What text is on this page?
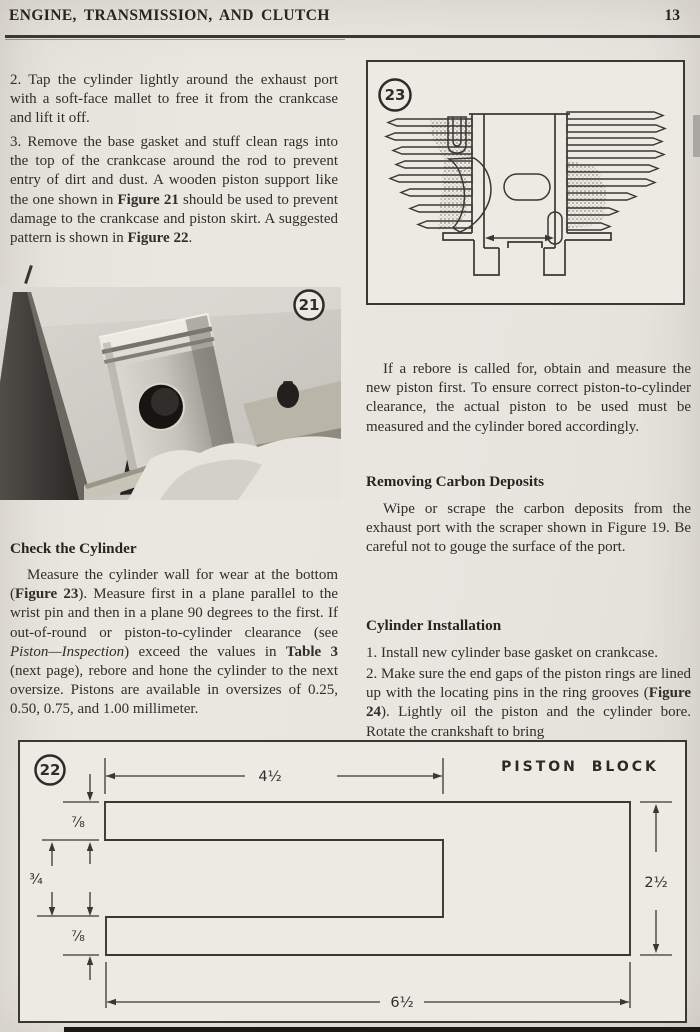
ENGINE, TRANSMISSION, AND CLUTCH	13

2. Tap the cylinder lightly around the exhaust port with a soft-face mallet to free it from the crankcase and lift it off.

3. Remove the base gasket and stuff clean rags into the top of the crankcase around the rod to prevent entry of dirt and dust. A wooden piston support like the one shown in Figure 21 should be used to prevent damage to the crankcase and piston skirt. A suggested pattern is shown in Figure 22.

21
Check the Cylinder

Measure the cylinder wall for wear at the bottom (Figure 23). Measure first in a plane parallel to the wrist pin and then in a plane 90 degrees to the first. If out-of-round or piston-to-cylinder clearance (see Piston—Inspection) exceed the values in Table 3 (next page), rebore and hone the cylinder to the next oversize. Pistons are available in oversizes of 0.25, 0.50, 0.75, and 1.00 millimeter.

23

If a rebore is called for, obtain and measure the new piston first. To ensure correct piston-to-cylinder clearance, the actual piston to be used must be measured and the cylinder bored accordingly.

Removing Carbon Deposits

Wipe or scrape the carbon deposits from the exhaust port with the scraper shown in Figure 19. Be careful not to gouge the surface of the port.

Cylinder Installation

1. Install new cylinder base gasket on crankcase.

2. Make sure the end gaps of the piston rings are lined up with the locating pins in the ring grooves (Figure 24). Lightly oil the piston and the cylinder bore. Rotate the crankshaft to bring

4½
⅞
¾
⅞
2½
6½
PISTON BLOCK
22
